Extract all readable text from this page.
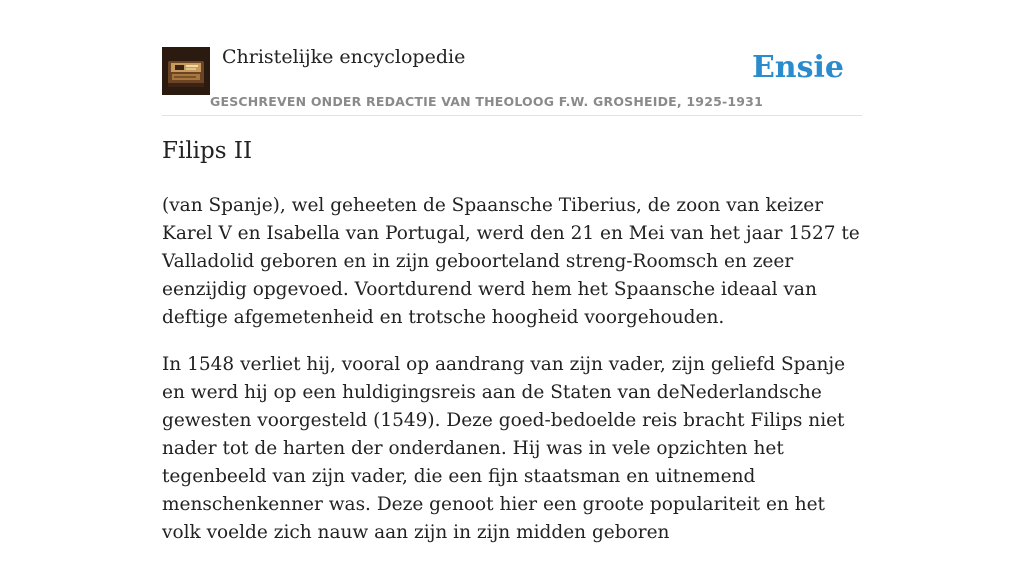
Christelijke encyclopedie
GESCHREVEN ONDER REDACTIE VAN THEOLOOG F.W. GROSHEIDE, 1925-1931
Ensie
Filips II

(van Spanje), wel geheeten de Spaansche Tiberius, de zoon van keizer Karel V en Isabella van Portugal, werd den 21 en Mei van het jaar 1527 te Valladolid geboren en in zijn geboorteland streng-Roomsch en zeer eenzijdig opgevoed. Voortdurend werd hem het Spaansche ideaal van deftige afgemetenheid en trotsche hoogheid voorgehouden.

In 1548 verliet hij, vooral op aandrang van zijn vader, zijn geliefd Spanje en werd hij op een huldigingsreis aan de Staten van deNederlandsche gewesten voorgesteld (1549). Deze goed-bedoelde reis bracht Filips niet nader tot de harten der onderdanen. Hij was in vele opzichten het tegenbeeld van zijn vader, die een fijn staatsman en uitnemend menschenkenner was. Deze genoot hier een groote populariteit en het volk voelde zich nauw aan zijn in zijn midden geboren
